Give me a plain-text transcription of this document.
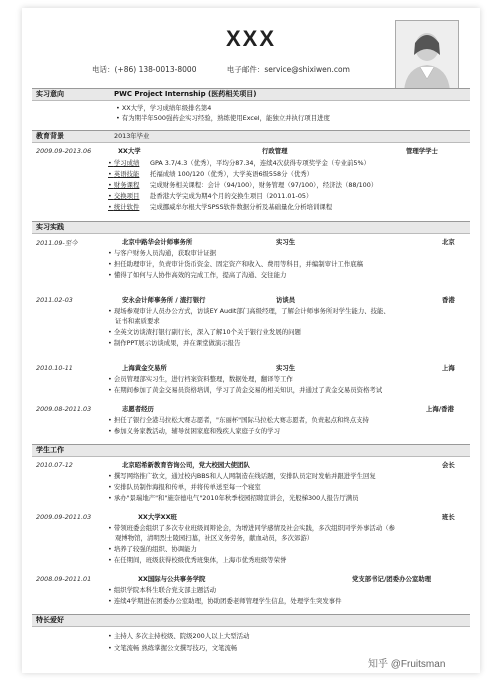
XXX
电话：(+86) 138-0013-8000	电子邮件：service@shixiwen.com
实习意向	PWC Project Internship (医药相关项目)
• XX大学，学习成绩年级排名第4
• 有为期半年500强药企实习经验，熟练使用Excel，能独立并执行项目进度
教育背景	2013年毕业
2009.09-2013.06	XX大学	行政管理	管理学学士
• 学习成绩 GPA 3.7/4.3（优秀），平均分87.34，连续4次获得专项奖学金（专业前5%）
• 英语技能 托福成绩 100/120（优秀），大学英语6级558分（优秀）
• 财务课程 完成财务相关课程：会计（94/100），财务管理（97/100），经济法（88/100）
• 交换项目 赴香港大学完成为期4个月的交换生项目（2011.01-05）
• 统计软件 完成挪威牟尔根大学SPSS软件数据分析及基础量化分析培训课程
实习实践
2011.09-至今	北京中路华会计师事务所	实习生	北京
• 与客户财务人员沟通，获取审计证据
• 担任助理审计，负责审计货币资金、固定资产和收入、费用等科目，并编制审计工作底稿
• 懂得了如何与人协作高效的完成工作，提高了沟通、交往能力
2011.02-03	安永会计师事务所 / 渣打银行	访谈员	香港
• 现场参观审计人员办公方式，访谈EY Audit部门高级经理，了解会计师事务所对学生能力、技能、
证书和素质要求
• 全英文访谈渣打银行副行长，深入了解10个关于银行业发展的问题
• 制作PPT展示访谈成果，并在课堂做演示报告
2010.10-11	上海黄金交易所	实习生	上海
• 会员管理部实习生，进行档案资料整理，数据处理，翻译等工作
• 在期间参加了黄金交易员资格培训，学习了黄金交易的相关知识，并通过了黄金交易员资格考试
2009.08-2011.03	志愿者经历	上海/香港
• 担任了银行全港马拉松大赛志愿者，"东丽杯"国际马拉松大赛志愿者，负责起点和终点支持
• 参加义务家教活动，辅导贫困家庭和残疾人家庭子女的学习
学生工作
2010.07-12	北京昭希新教育咨询公司，党大校园大使团队	会长
• 撰写网络推广软文，通过校内BBS和人人网制造在线话题，安排队员定时发帖并跟进学生回复
• 安排队员制作海报和传单，并将传单送至每一个寝室
• 承办"景瑞地产"和"施奈德电气"2010年秋季校园招聘宣讲会，光般梯300人报告厅满员
2009.09-2011.03	XX大学XX班	班长
• 带领班委会组织了多次专业班级间辩论会，为增进同学感情及社会实践，多次组织同学外事活动（参
观博物馆，清明烈士陵园扫墓，社区义务劳务，献血动员，多次郊游）
• 培养了较强的组织、协调能力
• 在任期间，班级获得校级优秀班集体，上海市优秀班级等荣誉
2008.09-2011.01	XX国际与公共事务学院	党支部书记/团委办公室助理
• 组织学院本科生联合党支部主题活动
• 连续4学期进在团委办公室助理，协助团委老师管理学生信息，处理学生突发事件
特长爱好
• 主持人 多次主持校级、院级200人以上大型活动
• 文笔流畅 熟练掌握公文撰写技巧，文笔流畅
知乎 @Fruitsman
